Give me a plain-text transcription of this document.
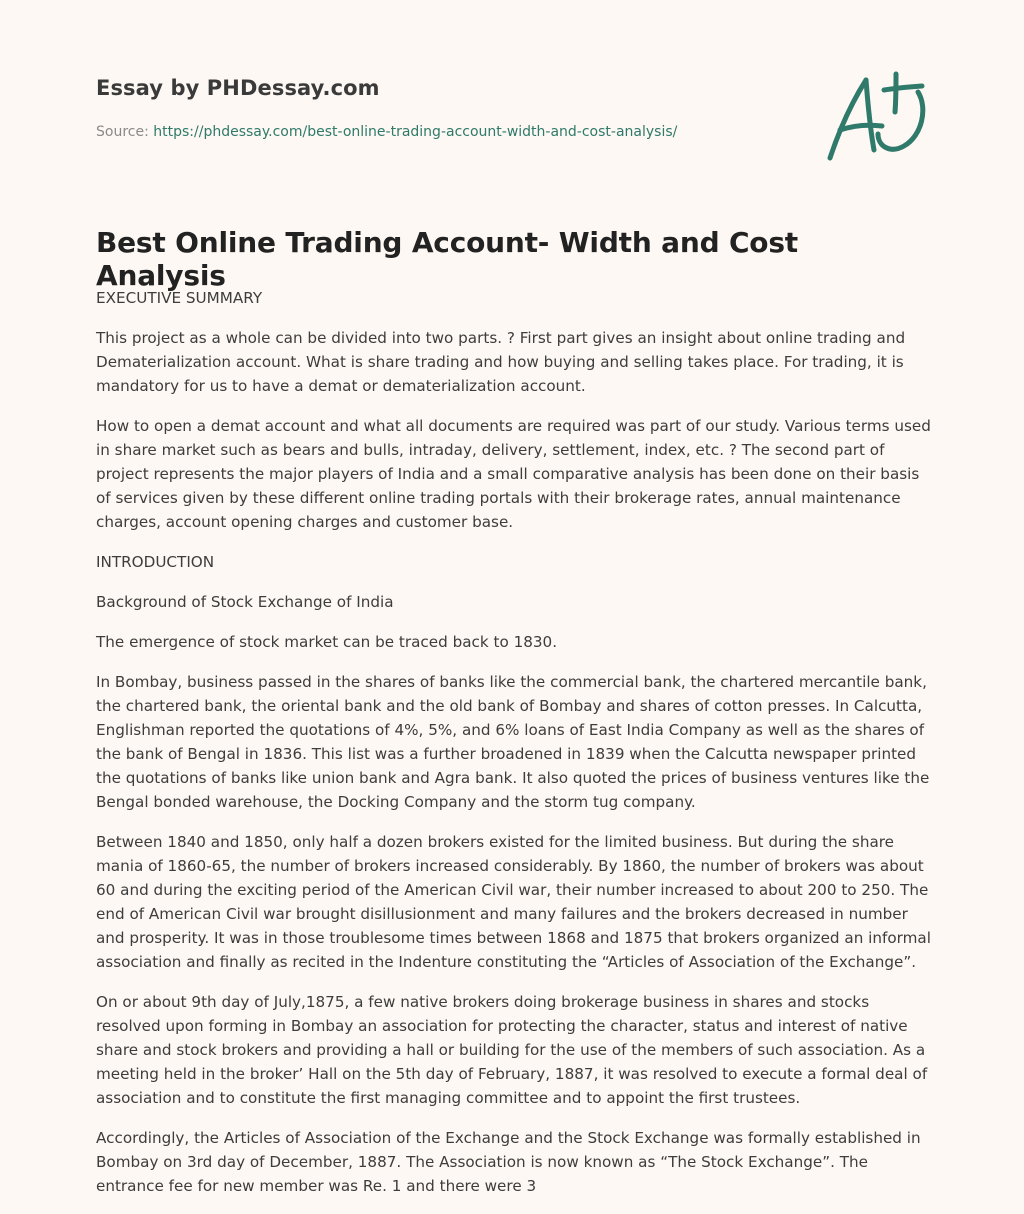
Essay by PHDessay.com
Source: https://phdessay.com/best-online-trading-account-width-and-cost-analysis/
Best Online Trading Account- Width and Cost Analysis

EXECUTIVE SUMMARY

This project as a whole can be divided into two parts. ? First part gives an insight about online trading and Dematerialization account. What is share trading and how buying and selling takes place. For trading, it is mandatory for us to have a demat or dematerialization account.

How to open a demat account and what all documents are required was part of our study. Various terms used in share market such as bears and bulls, intraday, delivery, settlement, index, etc. ? The second part of project represents the major players of India and a small comparative analysis has been done on their basis of services given by these different online trading portals with their brokerage rates, annual maintenance charges, account opening charges and customer base.

INTRODUCTION

Background of Stock Exchange of India

The emergence of stock market can be traced back to 1830.

In Bombay, business passed in the shares of banks like the commercial bank, the chartered mercantile bank, the chartered bank, the oriental bank and the old bank of Bombay and shares of cotton presses. In Calcutta, Englishman reported the quotations of 4%, 5%, and 6% loans of East India Company as well as the shares of the bank of Bengal in 1836. This list was a further broadened in 1839 when the Calcutta newspaper printed the quotations of banks like union bank and Agra bank. It also quoted the prices of business ventures like the Bengal bonded warehouse, the Docking Company and the storm tug company.

Between 1840 and 1850, only half a dozen brokers existed for the limited business. But during the share mania of 1860-65, the number of brokers increased considerably. By 1860, the number of brokers was about 60 and during the exciting period of the American Civil war, their number increased to about 200 to 250. The end of American Civil war brought disillusionment and many failures and the brokers decreased in number and prosperity. It was in those troublesome times between 1868 and 1875 that brokers organized an informal association and finally as recited in the Indenture constituting the “Articles of Association of the Exchange”.

On or about 9th day of July,1875, a few native brokers doing brokerage business in shares and stocks resolved upon forming in Bombay an association for protecting the character, status and interest of native share and stock brokers and providing a hall or building for the use of the members of such association. As a meeting held in the broker’ Hall on the 5th day of February, 1887, it was resolved to execute a formal deal of association and to constitute the first managing committee and to appoint the first trustees.

Accordingly, the Articles of Association of the Exchange and the Stock Exchange was formally established in Bombay on 3rd day of December, 1887. The Association is now known as “The Stock Exchange”. The entrance fee for new member was Re. 1 and there were 3
